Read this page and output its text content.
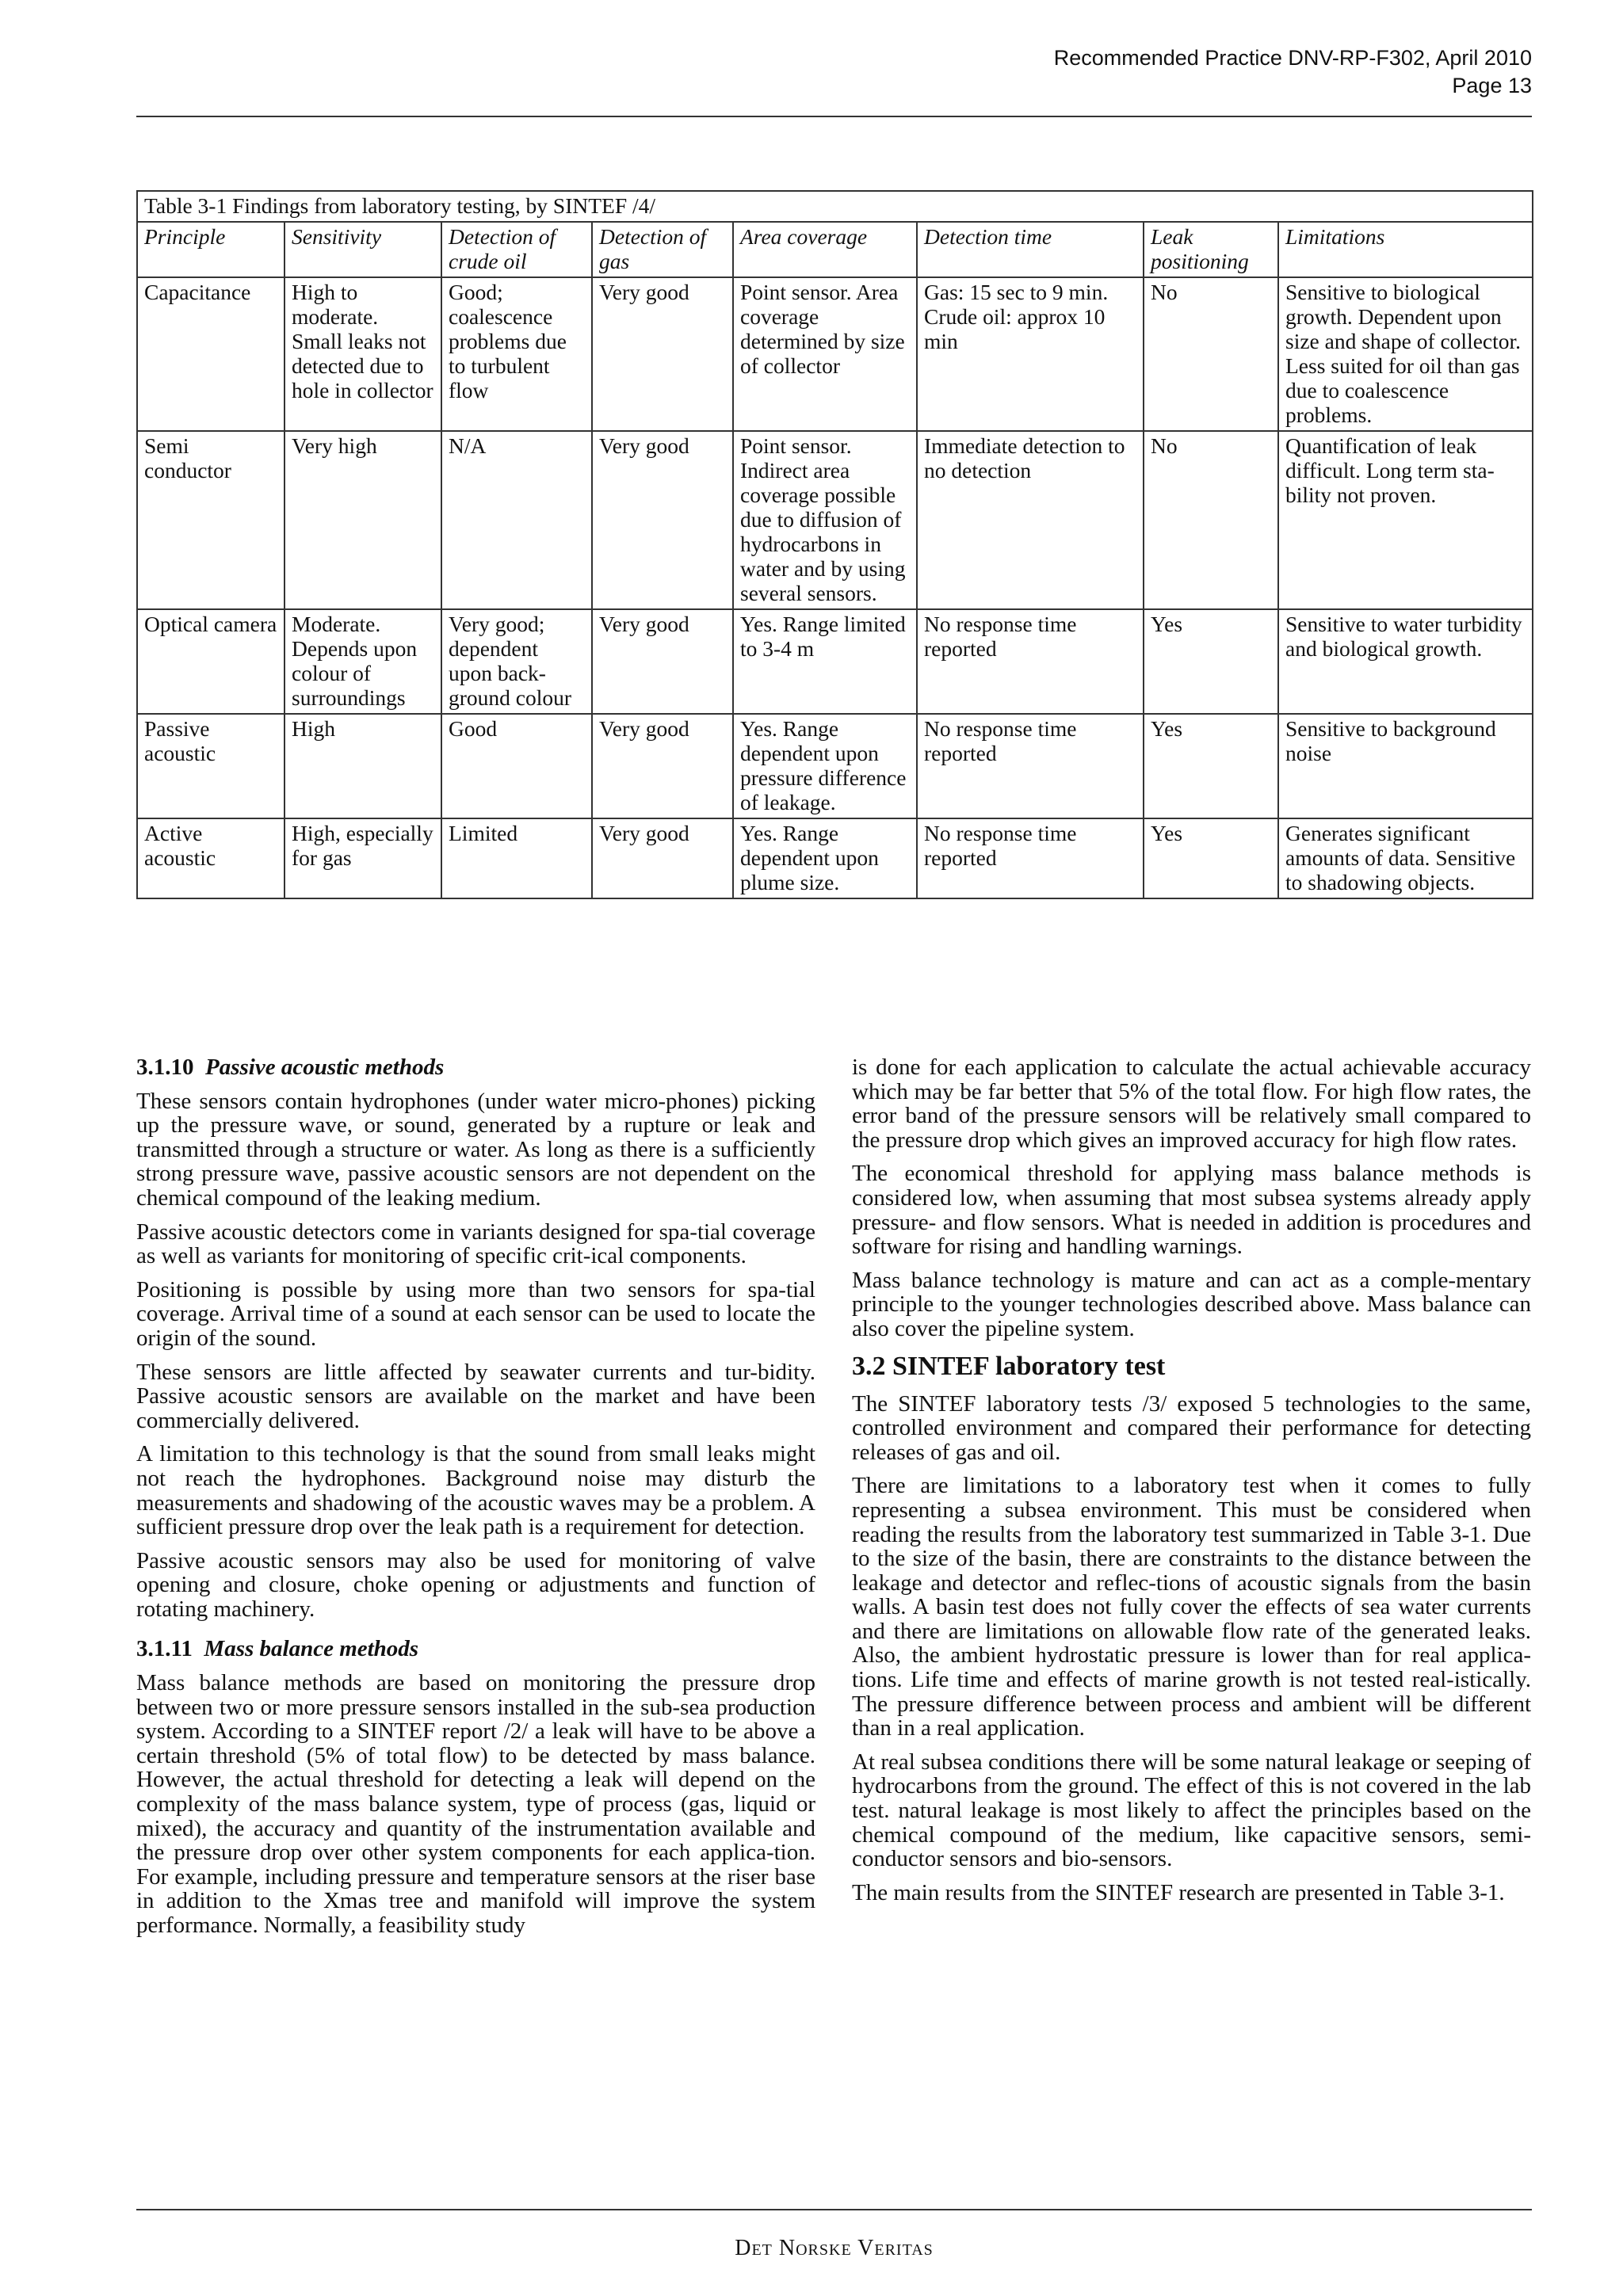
Recommended Practice DNV-RP-F302, April 2010
Page 13
Table 3-1 Findings from laboratory testing, by SINTEF /4/							
Principle	Sensitivity	Detection of crude oil	Detection of gas	Area coverage	Detection time	Leak positioning	Limitations
Capacitance	High to moderate. Small leaks not detected due to hole in collector	Good; coalescence problems due to turbulent flow	Very good	Point sensor. Area coverage determined by size of collector	Gas: 15 sec to 9 min. Crude oil: approx 10 min	No	Sensitive to biological growth. Dependent upon size and shape of collector. Less suited for oil than gas due to coalescence problems.
Semi conductor	Very high	N/A	Very good	Point sensor. Indirect area coverage possible due to diffusion of hydrocarbons in water and by using several sensors.	Immediate detection to no detection	No	Quantification of leak difficult. Long term sta-bility not proven.
Optical camera	Moderate. Depends upon colour of surroundings	Very good; dependent upon back-ground colour	Very good	Yes. Range limited to 3-4 m	No response time reported	Yes	Sensitive to water turbidity and biological growth.
Passive acoustic	High	Good	Very good	Yes. Range dependent upon pressure difference of leakage.	No response time reported	Yes	Sensitive to background noise
Active acoustic	High, especially for gas	Limited	Very good	Yes. Range dependent upon plume size.	No response time reported	Yes	Generates significant amounts of data. Sensitive to shadowing objects.
3.1.10 Passive acoustic methods

These sensors contain hydrophones (under water micro-phones) picking up the pressure wave, or sound, generated by a rupture or leak and transmitted through a structure or water. As long as there is a sufficiently strong pressure wave, passive acoustic sensors are not dependent on the chemical compound of the leaking medium.

Passive acoustic detectors come in variants designed for spa-tial coverage as well as variants for monitoring of specific crit-ical components.

Positioning is possible by using more than two sensors for spa-tial coverage. Arrival time of a sound at each sensor can be used to locate the origin of the sound.

These sensors are little affected by seawater currents and tur-bidity. Passive acoustic sensors are available on the market and have been commercially delivered.

A limitation to this technology is that the sound from small leaks might not reach the hydrophones. Background noise may disturb the measurements and shadowing of the acoustic waves may be a problem. A sufficient pressure drop over the leak path is a requirement for detection.

Passive acoustic sensors may also be used for monitoring of valve opening and closure, choke opening or adjustments and function of rotating machinery.

3.1.11 Mass balance methods

Mass balance methods are based on monitoring the pressure drop between two or more pressure sensors installed in the sub-sea production system. According to a SINTEF report /2/ a leak will have to be above a certain threshold (5% of total flow) to be detected by mass balance. However, the actual threshold for detecting a leak will depend on the complexity of the mass balance system, type of process (gas, liquid or mixed), the accuracy and quantity of the instrumentation available and the pressure drop over other system components for each applica-tion. For example, including pressure and temperature sensors at the riser base in addition to the Xmas tree and manifold will improve the system performance. Normally, a feasibility study

is done for each application to calculate the actual achievable accuracy which may be far better that 5% of the total flow. For high flow rates, the error band of the pressure sensors will be relatively small compared to the pressure drop which gives an improved accuracy for high flow rates.

The economical threshold for applying mass balance methods is considered low, when assuming that most subsea systems already apply pressure- and flow sensors. What is needed in addition is procedures and software for rising and handling warnings.

Mass balance technology is mature and can act as a comple-mentary principle to the younger technologies described above. Mass balance can also cover the pipeline system.

3.2 SINTEF laboratory test

The SINTEF laboratory tests /3/ exposed 5 technologies to the same, controlled environment and compared their performance for detecting releases of gas and oil.

There are limitations to a laboratory test when it comes to fully representing a subsea environment. This must be considered when reading the results from the laboratory test summarized in Table 3-1. Due to the size of the basin, there are constraints to the distance between the leakage and detector and reflec-tions of acoustic signals from the basin walls. A basin test does not fully cover the effects of sea water currents and there are limitations on allowable flow rate of the generated leaks. Also, the ambient hydrostatic pressure is lower than for real applica-tions. Life time and effects of marine growth is not tested real-istically. The pressure difference between process and ambient will be different than in a real application.

At real subsea conditions there will be some natural leakage or seeping of hydrocarbons from the ground. The effect of this is not covered in the lab test. natural leakage is most likely to affect the principles based on the chemical compound of the medium, like capacitive sensors, semi-conductor sensors and bio-sensors.

The main results from the SINTEF research are presented in Table 3-1.

Det Norske Veritas
